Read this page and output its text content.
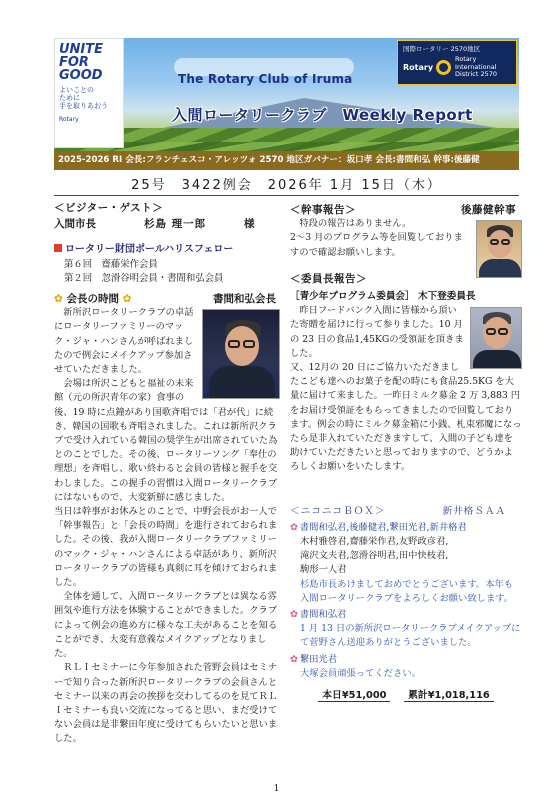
UNITE
FOR
GOOD
よいことの
ために
手を取りあおう
Rotary
国際ロータリー 2570地区
Rotary
Rotary
International
District 2570
The Rotary Club of Iruma
入間ロータリークラブ　Weekly Report
2025-2026 RI 会長:フランチェスコ・アレッツォ 2570 地区ガバナー：坂口孝 会長:書間和弘 幹事:後藤健
25号　3422例会　2026年 1月 15日（木）
＜ビジター・ゲスト＞
入間市長	杉島 理一郎	様
ロータリー財団ポールハリスフェロー
第６回　齋藤栄作会員
第２回　忽滑谷明会員・書間和弘会員
✿ 会長の時間 ✿	書間和弘会長

新所沢ロータリークラブの卓話にロータリーファミリーのマック・ジャ・ハンさんが呼ばれましたので例会にメイクアップ参加させていただきました。

会場は所沢こどもと福祉の未来館（元の所沢青年の家）食事の後、19 時に点鐘があり国歌斉唱では「君が代」に続き、韓国の国歌も斉唱されました。これは新所沢クラブで受け入れている韓国の奨学生が出席されていた為とのことでした。その後、ロータリーソング「奉仕の理想」を斉唱し、歌い終わると会員の皆様と握手を交わしました。この握手の習慣は入間ロータリークラブにはないもので、大変新鮮に感じました。

当日は幹事がお休みとのことで、中野会長がお一人で「幹事報告」と「会長の時間」を進行されておられました。その後、我が入間ロータリークラブファミリーのマック・ジャ・ハンさんによる卓話があり、新所沢ロータリークラブの皆様も真剣に耳を傾けておられました。

全体を通して、入間ロータリークラブとは異なる雰囲気や進行方法を体験することができました。クラブによって例会の進め方に様々な工夫があることを知ることができ、大変有意義なメイクアップとなりました。

ＲＬＩセミナーに今年参加された菅野会員はセミナーで知り合った新所沢ロータリークラブの会員さんとセミナー以来の再会の挨拶を交わしてるのを見てＲＬＩセミナーも良い交流になってると思い、まだ受けてない会員は是非繋田年度に受けてもらいたいと思いました。

＜幹事報告＞	後藤健幹事

特段の報告はありません。

2～3 月のプログラム等を回覧しておりますので確認お願いします。

＜委員長報告＞
［青少年プログラム委員会］ 木下登委員長

昨日フードバンク入間に皆様から頂いた寄贈を届けに行って参りました。10 月の 23 日の食品1,45KGの受領証を頂きました。

又、12月の 20 日にご協力いただきましたこども達へのお菓子を配の時にも食品25.5KG を大量に届けて来ました。一昨日ミルク募金 2 万 3,883 円をお届け受領証をもらってきましたので回覧しております。例会の時にミルク募金箱に小銭、札束邪魔になったら是非入れていただきますして、入間の子ども達を助けていただきたいと思っておりますので、どうかよろしくお願いをいたします。

＜ニコニコＢＯＸ＞	新井格ＳＡＡ
✿ 書間和弘君,後藤健君,繋田光君,新井格君
木村雅啓君,齋藤栄作君,友野政彦君,
滝沢文夫君,忽滑谷明君,田中快枝君,
駒形一人君
杉島市長あけましておめでとうございます。本年も入間ロータリークラブをよろしくお願い致します。
✿ 書間和弘君
1 月 13 日の新所沢ロータリークラブメイクアップにて菅野さん送迎ありがとうございました。
✿ 繋田光君
大塚会員頑張ってください。
本日¥51,000 累計¥1,018,116
1
